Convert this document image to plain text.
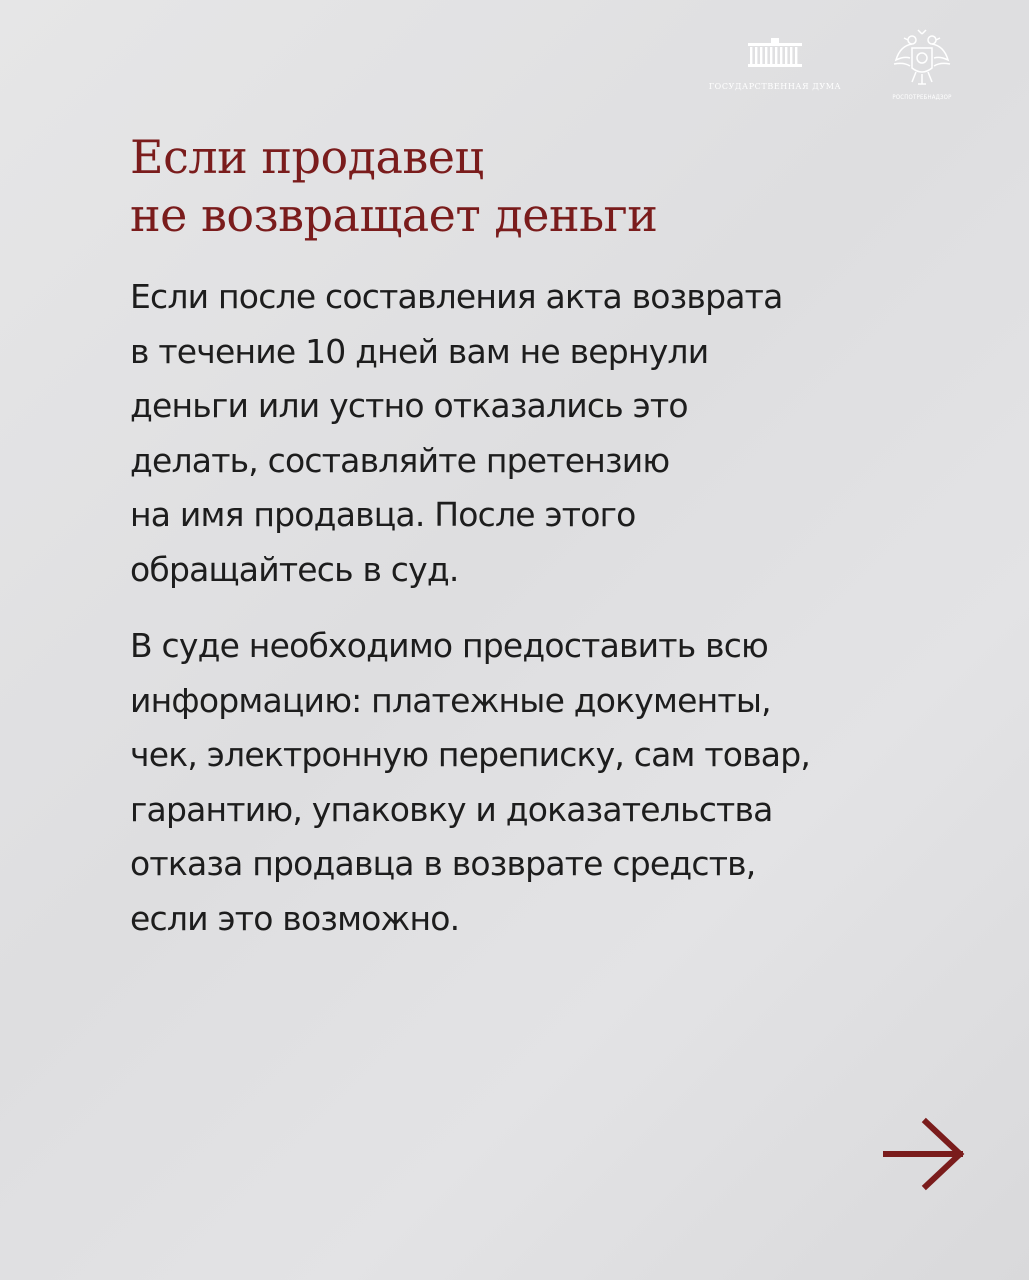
ГОСУДАРСТВЕННАЯ ДУМА
РОСПОТРЕБНАДЗОР
Если продавец
не возвращает деньги

Если после составления акта возврата
в течение 10 дней вам не вернули
деньги или устно отказались это
делать, составляйте претензию
на имя продавца. После этого
обращайтесь в суд.

В суде необходимо предоставить всю
информацию: платежные документы,
чек, электронную переписку, сам товар,
гарантию, упаковку и доказательства
отказа продавца в возврате средств,
если это возможно.
